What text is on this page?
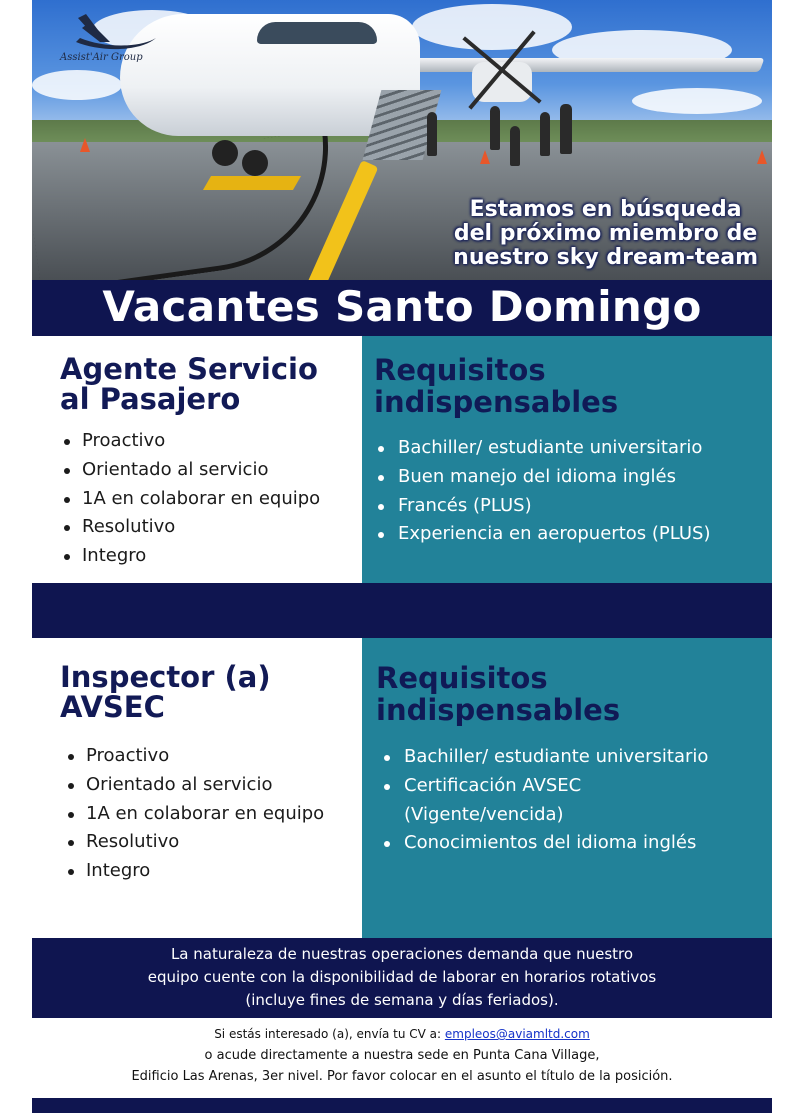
Assist'Air Group
Estamos en búsqueda
del próximo miembro de
nuestro sky dream-team
Vacantes Santo Domingo
Agente Servicio
al Pasajero
Proactivo
Orientado al servicio
1A en colaborar en equipo
Resolutivo
Integro
Requisitos
indispensables
Bachiller/ estudiante universitario
Buen manejo del idioma inglés
Francés (PLUS)
Experiencia en aeropuertos (PLUS)
Inspector (a)
AVSEC
Proactivo
Orientado al servicio
1A en colaborar en equipo
Resolutivo
Integro
Requisitos
indispensables
Bachiller/ estudiante universitario
Certificación AVSEC
(Vigente/vencida)
Conocimientos del idioma inglés
La naturaleza de nuestras operaciones demanda que nuestro
equipo cuente con la disponibilidad de laborar en horarios rotativos
(incluye fines de semana y días feriados).
Si estás interesado (a), envía tu CV a: empleos@aviamltd.com
o acude directamente a nuestra sede en Punta Cana Village,
Edificio Las Arenas, 3er nivel. Por favor colocar en el asunto el título de la posición.
